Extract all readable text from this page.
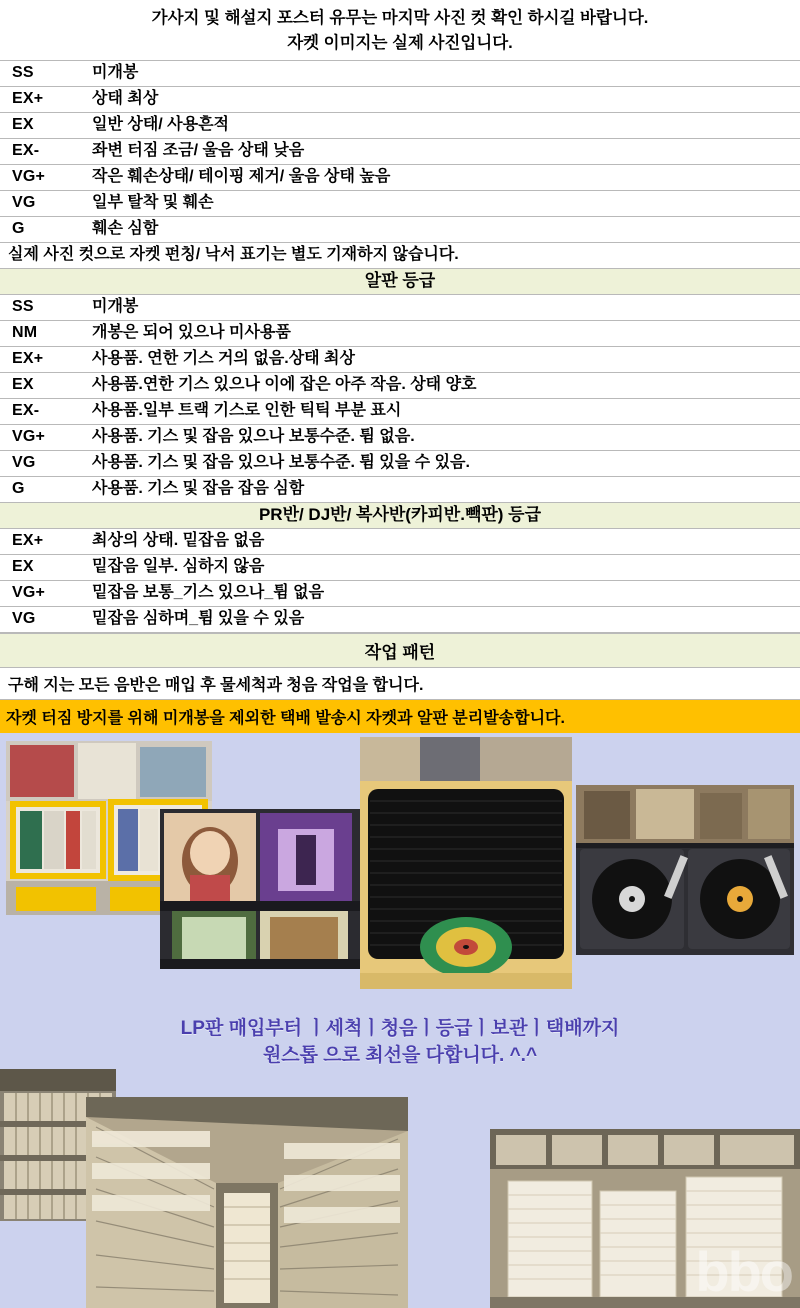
가사지 및 해설지 포스터 유무는 마지막 사진 컷 확인 하시길 바랍니다.
자켓 이미지는 실제 사진입니다.
SS	미개봉
EX+	상태 최상
EX	일반 상태/ 사용흔적
EX-	좌변 터짐 조금/ 울음 상태 낮음
VG+	작은 훼손상태/ 테이핑 제거/ 울음 상태 높음
VG	일부 탈착 및 훼손
G	훼손 심함
실제 사진 컷으로 자켓 펀칭/ 낙서 표기는 별도 기재하지 않습니다.	
알판 등급	
SS	미개봉
NM	개봉은 되어 있으나 미사용품
EX+	사용품. 연한 기스 거의 없음.상태 최상
EX	사용품.연한 기스 있으나 이에 잡은 아주 작음. 상태 양호
EX-	사용품.일부 트랙 기스로 인한 틱틱 부분 표시
VG+	사용품. 기스 및 잡음 있으나 보통수준. 튐 없음.
VG	사용품. 기스 및 잡음 있으나 보통수준. 튐 있을 수 있음.
G	사용품. 기스 및 잡음 잡음 심함
PR반/ DJ반/ 복사반(카피반.빽판) 등급	
EX+	최상의 상태. 밑잡음 없음
EX	밑잡음 일부. 심하지 않음
VG+	밑잡음 보통_기스 있으나_튐 없음
VG	밑잡음 심하며_튐 있을 수 있음
작업 패턴
구해 지는 모든 음반은 매입 후 물세척과 청음 작업을 합니다.
자켓 터짐 방지를 위해 미개봉을 제외한 택배 발송시 자켓과 알판 분리발송합니다.
LP판 매입부터 ㅣ세척ㅣ청음ㅣ등급ㅣ보관ㅣ택배까지
원스톱 으로 최선을 다합니다. ^.^
bbo
